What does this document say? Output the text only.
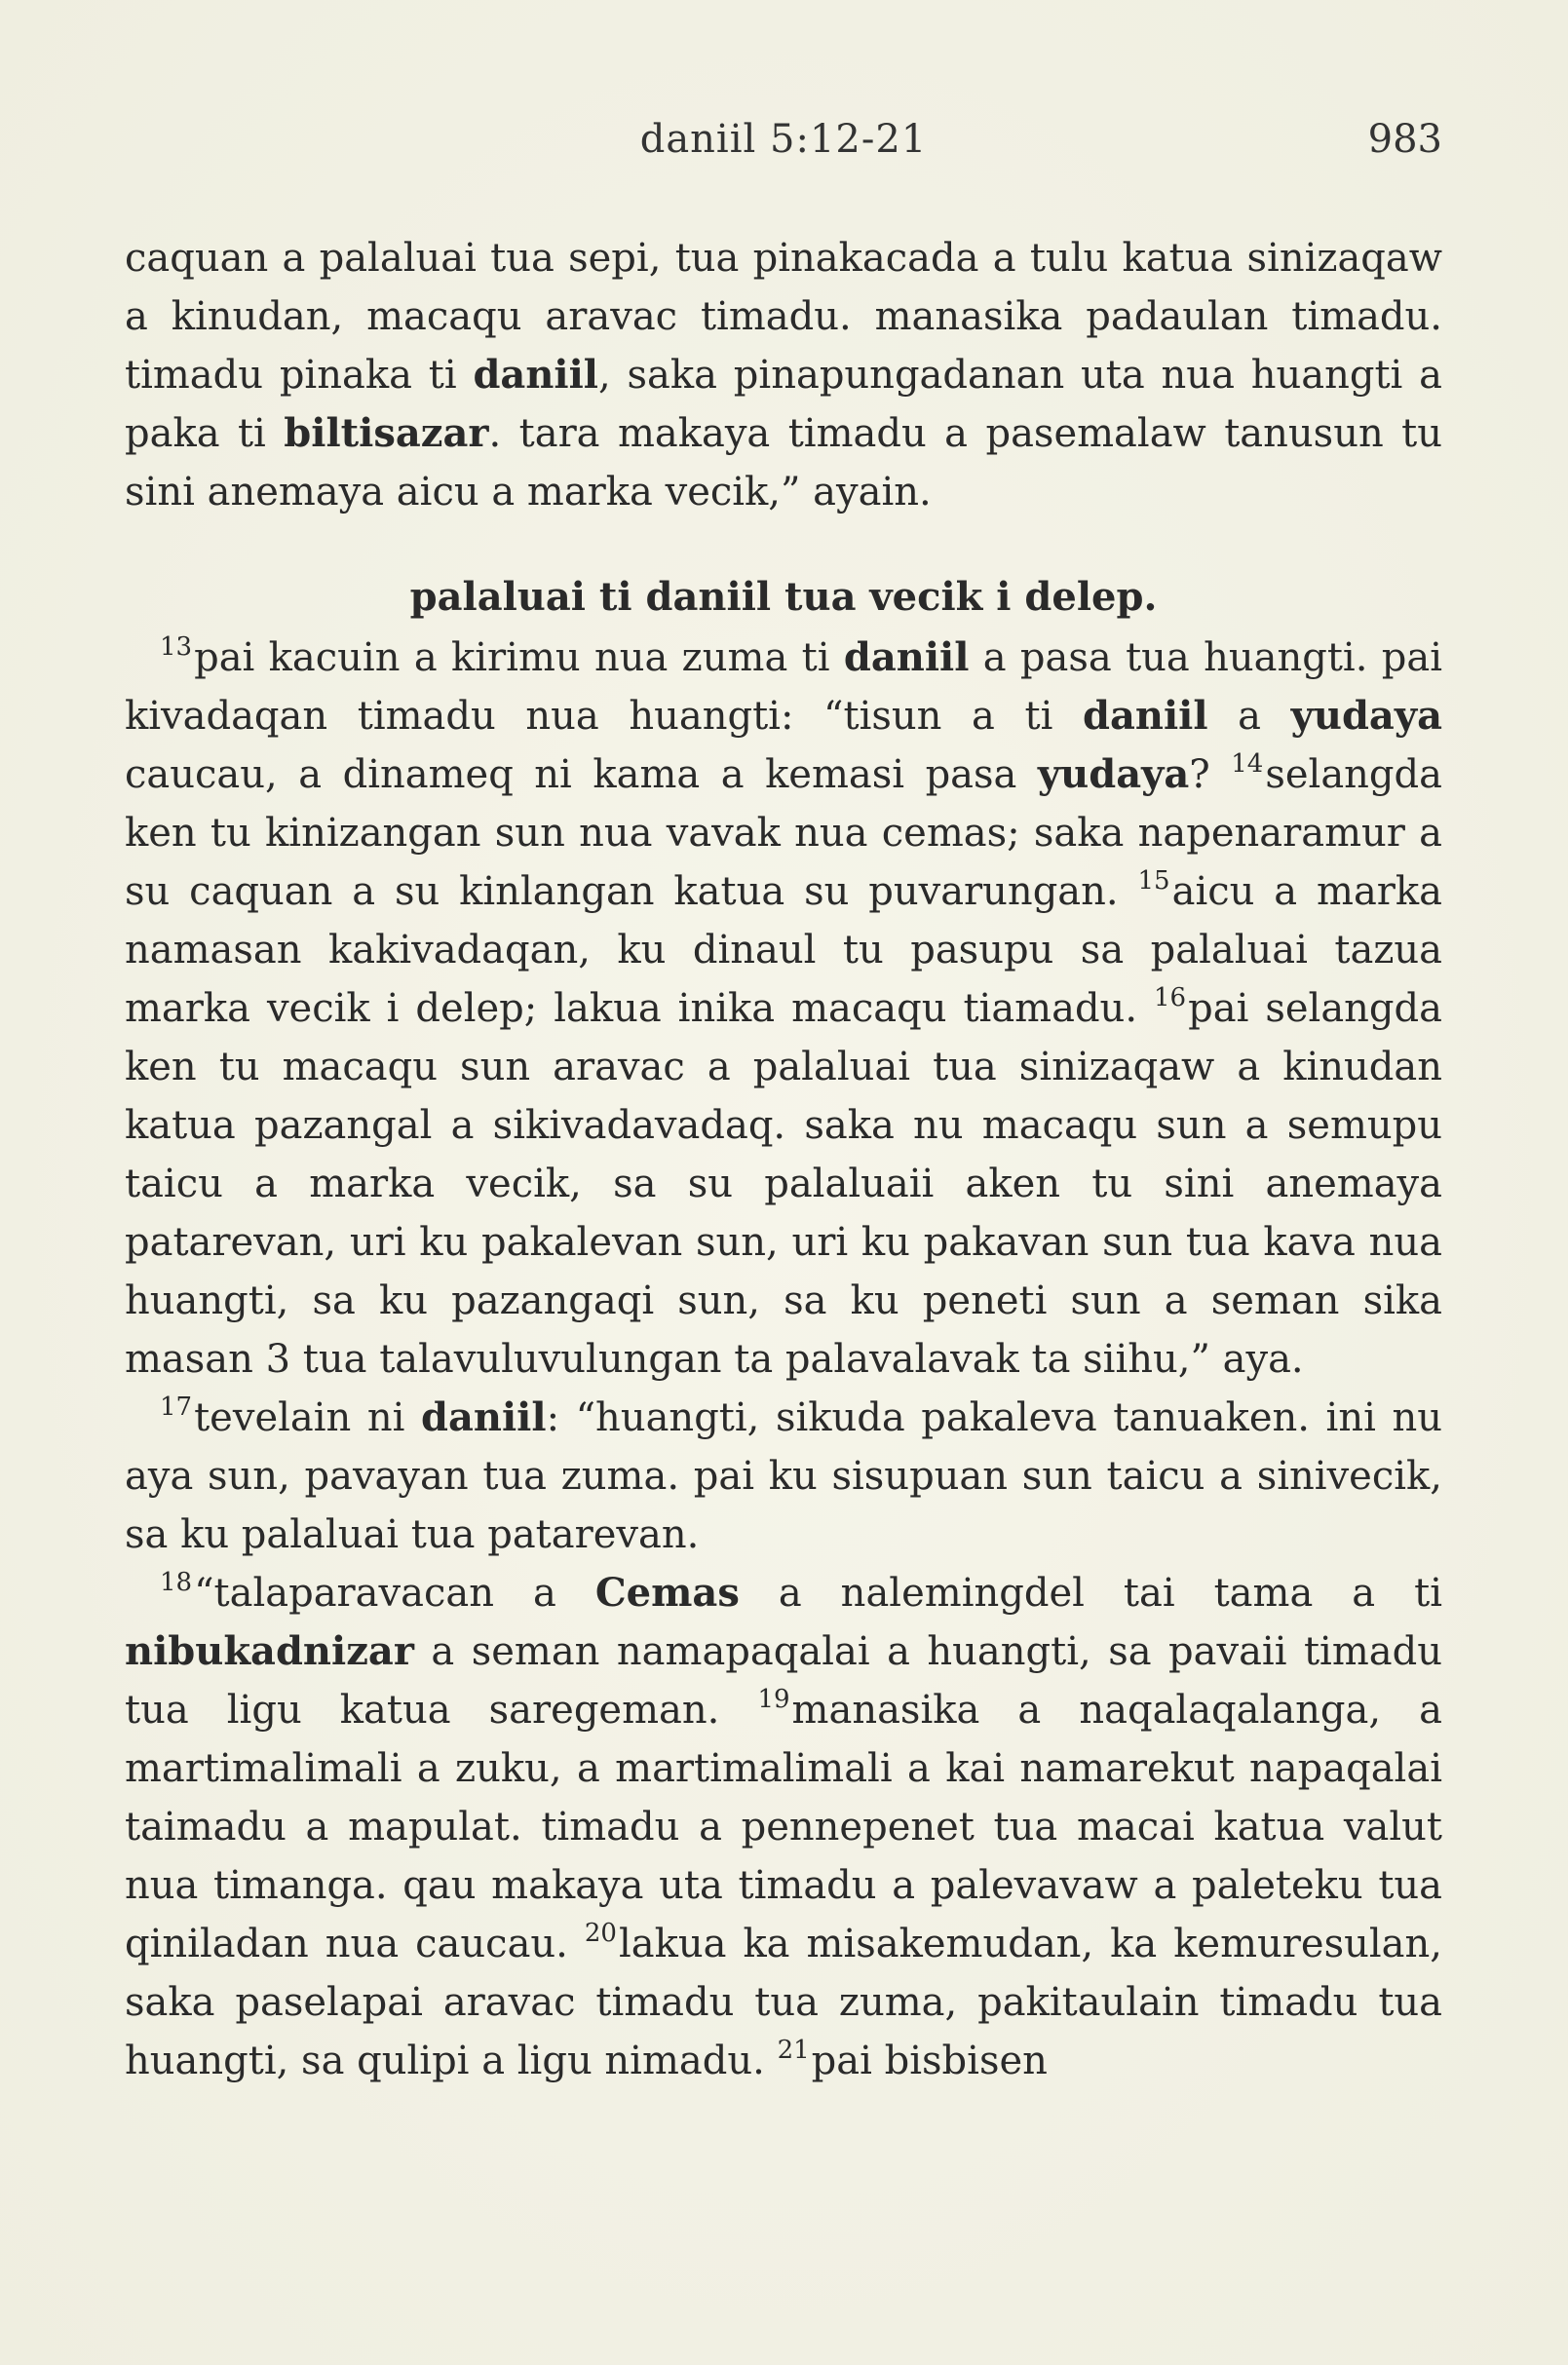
daniil 5:12-21	983

caquan a palaluai tua sepi, tua pinakacada a tulu katua sinizaqaw a kinudan, macaqu aravac timadu. manasika padaulan timadu. timadu pinaka ti daniil, saka pinapungadanan uta nua huangti a paka ti biltisazar. tara makaya timadu a pasemalaw tanusun tu sini anemaya aicu a marka vecik,” ayain.

palaluai ti daniil tua vecik i delep.

$^{13}$pai kacuin a kirimu nua zuma ti daniil a pasa tua huangti. pai kivadaqan timadu nua huangti: “tisun a ti daniil a yudaya caucau, a dinameq ni kama a kemasi pasa yudaya? $^{14}$selangda ken tu kinizangan sun nua vavak nua cemas; saka napenaramur a su caquan a su kinlangan katua su puvarungan. $^{15}$aicu a marka namasan kakivadaqan, ku dinaul tu pasupu sa palaluai tazua marka vecik i delep; lakua inika macaqu tiamadu. $^{16}$pai selangda ken tu macaqu sun aravac a palaluai tua sinizaqaw a kinudan katua pazangal a sikivadavadaq. saka nu macaqu sun a semupu taicu a marka vecik, sa su palaluaii aken tu sini anemaya patarevan, uri ku pakalevan sun, uri ku pakavan sun tua kava nua huangti, sa ku pazangaqi sun, sa ku peneti sun a seman sika masan 3 tua talavuluvulungan ta palavalavak ta siihu,” aya.

$^{17}$tevelain ni daniil: “huangti, sikuda pakaleva tanuaken. ini nu aya sun, pavayan tua zuma. pai ku sisupuan sun taicu a sinivecik, sa ku palaluai tua patarevan.

$^{18}$“talaparavacan a Cemas a nalemingdel tai tama a ti nibukadnizar a seman namapaqalai a huangti, sa pavaii timadu tua ligu katua saregeman. $^{19}$manasika a naqalaqalanga, a martimalimali a zuku, a martimalimali a kai namarekut napaqalai taimadu a mapulat. timadu a pennepenet tua macai katua valut nua timanga. qau makaya uta timadu a palevavaw a paleteku tua qiniladan nua caucau. $^{20}$lakua ka misakemudan, ka kemuresulan, saka paselapai aravac timadu tua zuma, pakitaulain timadu tua huangti, sa qulipi a ligu nimadu. $^{21}$pai bisbisen
